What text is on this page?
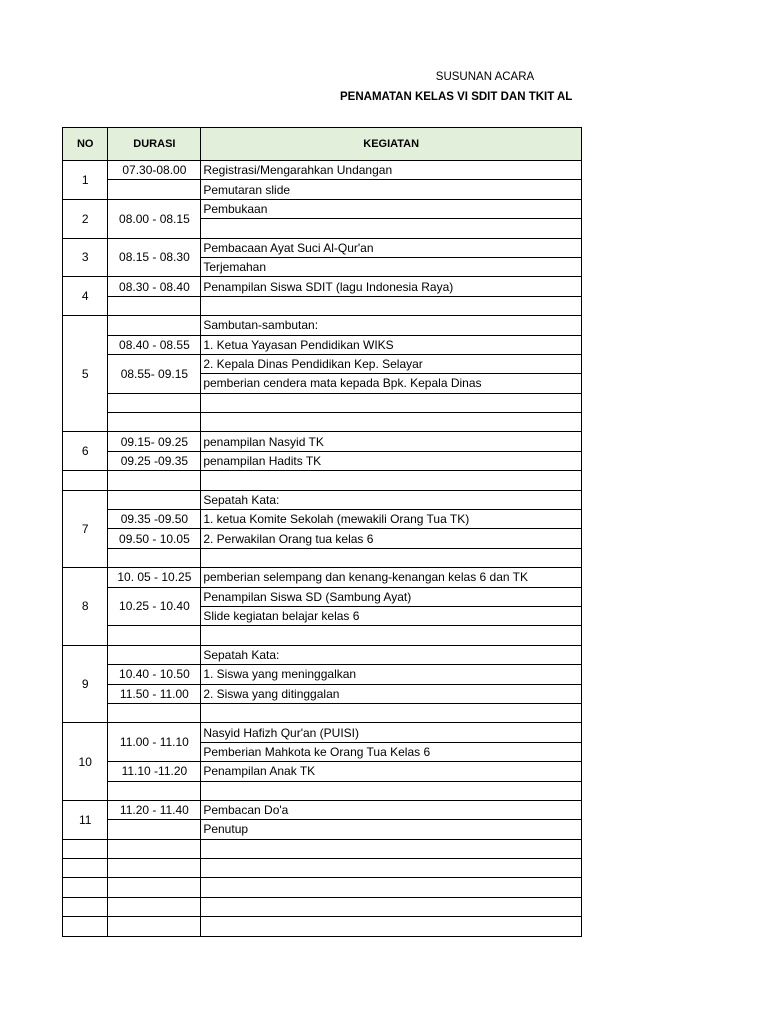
SUSUNAN ACARA
PENAMATAN KELAS VI SDIT DAN TKIT AL
NO	DURASI	KEGIATAN
1	07.30-08.00	Registrasi/Mengarahkan Undangan
		Pemutaran slide
2	08.00 - 08.15	Pembukaan

3	08.15 - 08.30	Pembacaan Ayat Suci Al-Qur'an
		Terjemahan
4	08.30 - 08.40	Penampilan Siswa SDIT (lagu Indonesia Raya)

5		Sambutan-sambutan:
	08.40 - 08.55	1. Ketua Yayasan Pendidikan WIKS
	08.55- 09.15	2. Kepala Dinas Pendidikan Kep. Selayar
		pemberian cendera mata kepada Bpk. Kepala Dinas

6	09.15- 09.25	penampilan Nasyid TK
	09.25 -09.35	penampilan Hadits TK

7		Sepatah Kata:
	09.35 -09.50	1. ketua Komite Sekolah (mewakili Orang Tua TK)
	09.50 - 10.05	2. Perwakilan Orang tua kelas 6

8	10. 05 - 10.25	pemberian selempang dan kenang-kenangan kelas 6 dan TK
	10.25 - 10.40	Penampilan Siswa SD (Sambung Ayat)
		Slide kegiatan belajar kelas 6

9		Sepatah Kata:
	10.40 - 10.50	1. Siswa yang meninggalkan
	11.50 - 11.00	2. Siswa yang ditinggalan

10	11.00 - 11.10	Nasyid Hafizh Qur'an (PUISI)
		Pemberian Mahkota ke Orang Tua Kelas 6
	11.10 -11.20	Penampilan Anak TK

11	11.20 - 11.40	Pembacan Do'a
		Penutup
